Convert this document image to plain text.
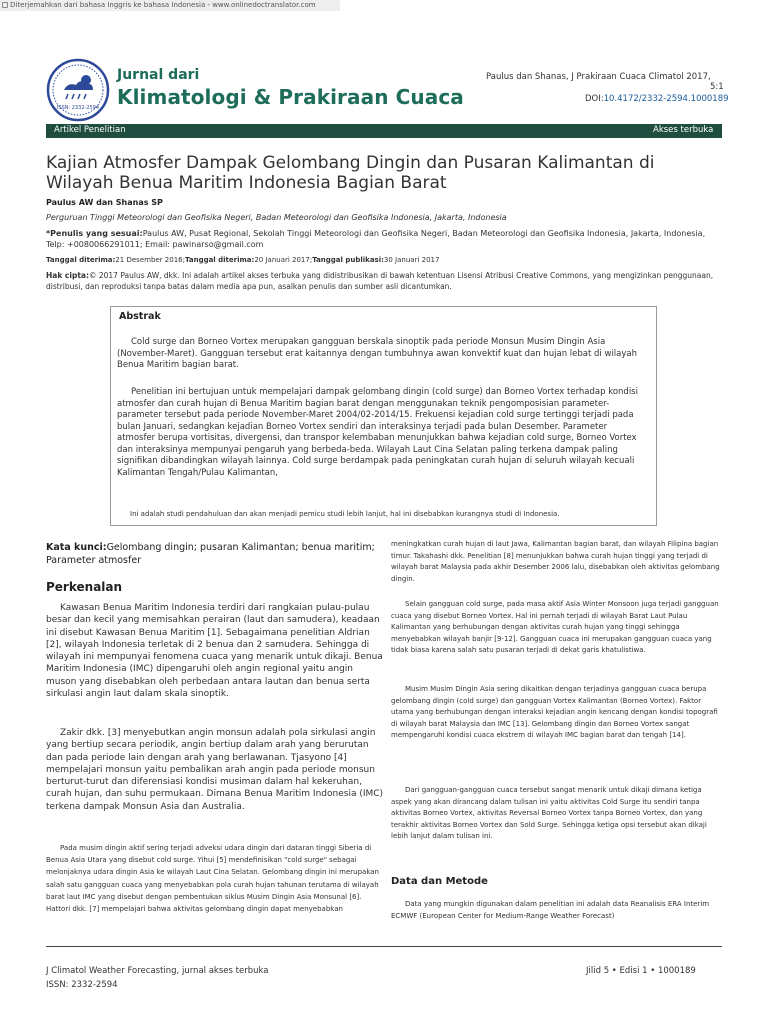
Diterjemahkan dari bahasa Inggris ke bahasa Indonesia - www.onlinedoctranslator.com
ISSN: 2332-2594
Jurnal dari
Klimatologi & Prakiraan Cuaca
Paulus dan Shanas, J Prakiraan Cuaca Climatol 2017,
5:1
DOI:10.4172/2332-2594.1000189
Artikel Penelitian	Akses terbuka
Kajian Atmosfer Dampak Gelombang Dingin dan Pusaran Kalimantan di Wilayah Benua Maritim Indonesia Bagian Barat
Paulus AW dan Shanas SP
Perguruan Tinggi Meteorologi dan Geofisika Negeri, Badan Meteorologi dan Geofisika Indonesia, Jakarta, Indonesia
*Penulis yang sesuai:Paulus AW, Pusat Regional, Sekolah Tinggi Meteorologi dan Geofisika Negeri, Badan Meteorologi dan Geofisika Indonesia, Jakarta, Indonesia, Telp: +0080066291011; Email: pawinarso@gmail.com
Tanggal diterima:21 Desember 2016;Tanggal diterima:20 Januari 2017;Tanggal publikasi:30 Januari 2017
Hak cipta:© 2017 Paulus AW, dkk. Ini adalah artikel akses terbuka yang didistribusikan di bawah ketentuan Lisensi Atribusi Creative Commons, yang mengizinkan penggunaan, distribusi, dan reproduksi tanpa batas dalam media apa pun, asalkan penulis dan sumber asli dicantumkan.
Abstrak
Cold surge dan Borneo Vortex merupakan gangguan berskala sinoptik pada periode Monsun Musim Dingin Asia (November-Maret). Gangguan tersebut erat kaitannya dengan tumbuhnya awan konvektif kuat dan hujan lebat di wilayah Benua Maritim bagian barat.
Penelitian ini bertujuan untuk mempelajari dampak gelombang dingin (cold surge) dan Borneo Vortex terhadap kondisi atmosfer dan curah hujan di Benua Maritim bagian barat dengan menggunakan teknik pengomposisian parameter-parameter tersebut pada periode November-Maret 2004/02-2014/15. Frekuensi kejadian cold surge tertinggi terjadi pada bulan Januari, sedangkan kejadian Borneo Vortex sendiri dan interaksinya terjadi pada bulan Desember. Parameter atmosfer berupa vortisitas, divergensi, dan transpor kelembaban menunjukkan bahwa kejadian cold surge, Borneo Vortex dan interaksinya mempunyai pengaruh yang berbeda-beda. Wilayah Laut Cina Selatan paling terkena dampak paling signifikan dibandingkan wilayah lainnya. Cold surge berdampak pada peningkatan curah hujan di seluruh wilayah kecuali Kalimantan Tengah/Pulau Kalimantan,
Ini adalah studi pendahuluan dan akan menjadi pemicu studi lebih lanjut, hal ini disebabkan kurangnya studi di Indonesia.
Kata kunci:Gelombang dingin; pusaran Kalimantan; benua maritim; Parameter atmosfer
Perkenalan
Kawasan Benua Maritim Indonesia terdiri dari rangkaian pulau-pulau besar dan kecil yang memisahkan perairan (laut dan samudera), keadaan ini disebut Kawasan Benua Maritim [1]. Sebagaimana penelitian Aldrian [2], wilayah Indonesia terletak di 2 benua dan 2 samudera. Sehingga di wilayah ini mempunyai fenomena cuaca yang menarik untuk dikaji. Benua Maritim Indonesia (IMC) dipengaruhi oleh angin regional yaitu angin muson yang disebabkan oleh perbedaan antara lautan dan benua serta sirkulasi angin laut dalam skala sinoptik.
Zakir dkk. [3] menyebutkan angin monsun adalah pola sirkulasi angin yang bertiup secara periodik, angin bertiup dalam arah yang berurutan dan pada periode lain dengan arah yang berlawanan. Tjasyono [4] mempelajari monsun yaitu pembalikan arah angin pada periode monsun berturut-turut dan diferensiasi kondisi musiman dalam hal kekeruhan, curah hujan, dan suhu permukaan. Dimana Benua Maritim Indonesia (IMC) terkena dampak Monsun Asia dan Australia.
Pada musim dingin aktif sering terjadi adveksi udara dingin dari dataran tinggi Siberia di Benua Asia Utara yang disebut cold surge. Yihui [5] mendefinisikan "cold surge" sebagai melonjaknya udara dingin Asia ke wilayah Laut Cina Selatan. Gelombang dingin ini merupakan salah satu gangguan cuaca yang menyebabkan pola curah hujan tahunan terutama di wilayah barat laut IMC yang disebut dengan pembentukan siklus Musim Dingin Asia Monsunal [6]. Hattori dkk. [7] mempelajari bahwa aktivitas gelombang dingin dapat menyebabkan
meningkatkan curah hujan di laut Jawa, Kalimantan bagian barat, dan wilayah Filipina bagian timur. Takahashi dkk. Penelitian [8] menunjukkan bahwa curah hujan tinggi yang terjadi di wilayah barat Malaysia pada akhir Desember 2006 lalu, disebabkan oleh aktivitas gelombang dingin.
Selain gangguan cold surge, pada masa aktif Asia Winter Monsoon juga terjadi gangguan cuaca yang disebut Borneo Vortex. Hal ini pernah terjadi di wilayah Barat Laut Pulau Kalimantan yang berhubungan dengan aktivitas curah hujan yang tinggi sehingga menyebabkan wilayah banjir [9-12]. Gangguan cuaca ini merupakan gangguan cuaca yang tidak biasa karena salah satu pusaran terjadi di dekat garis khatulistiwa.
Musim Musim Dingin Asia sering dikaitkan dengan terjadinya gangguan cuaca berupa gelombang dingin (cold surge) dan gangguan Vortex Kalimantan (Borneo Vortex). Faktor utama yang berhubungan dengan interaksi kejadian angin kencang dengan kondisi topografi di wilayah barat Malaysia dan IMC [13]. Gelombang dingin dan Borneo Vortex sangat mempengaruhi kondisi cuaca ekstrem di wilayah IMC bagian barat dan tengah [14].
Dari gangguan-gangguan cuaca tersebut sangat menarik untuk dikaji dimana ketiga aspek yang akan dirancang dalam tulisan ini yaitu aktivitas Cold Surge itu sendiri tanpa aktivitas Borneo Vortex, aktivitas Reversal Borneo Vortex tanpa Borneo Vortex, dan yang terakhir aktivitas Borneo Vortex dan Sold Surge. Sehingga ketiga opsi tersebut akan dikaji lebih lanjut dalam tulisan ini.
Data dan Metode
Data yang mungkin digunakan dalam penelitian ini adalah data Reanalisis ERA Interim ECMWF (European Center for Medium-Range Weather Forecast)
J Climatol Weather Forecasting, jurnal akses terbuka
ISSN: 2332-2594
Jilid 5 • Edisi 1 • 1000189
